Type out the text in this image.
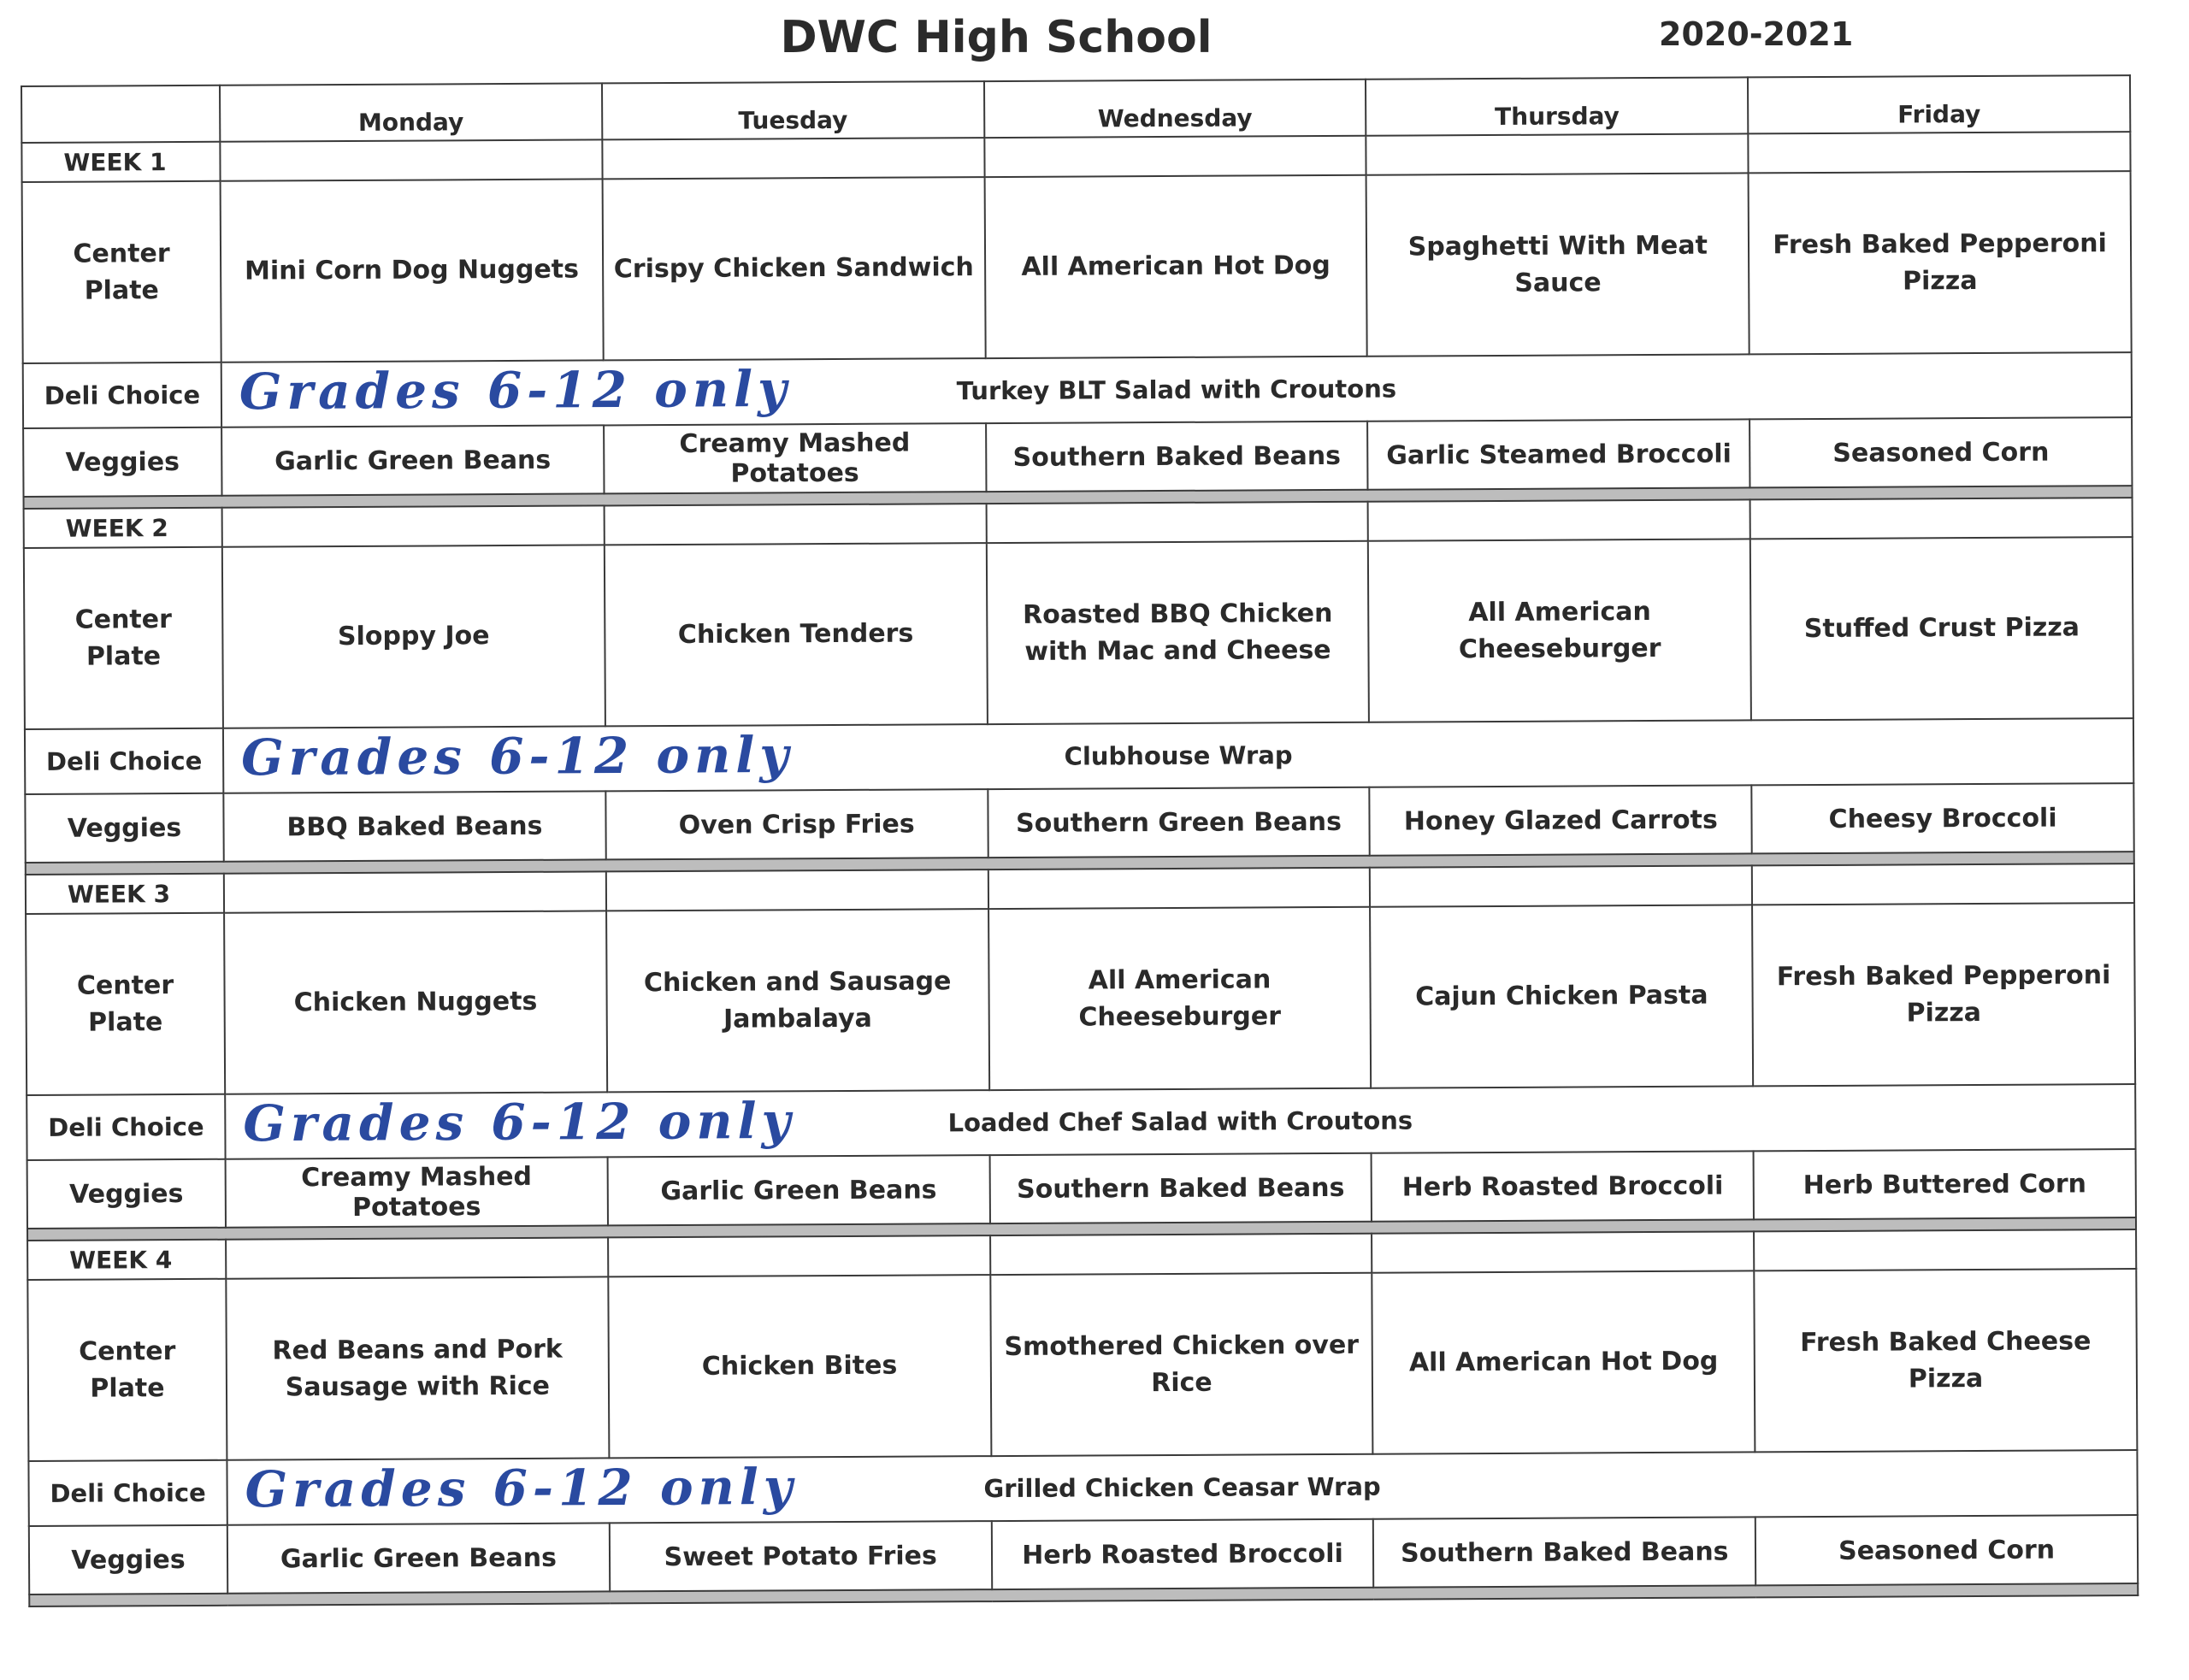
DWC High School	2020-2021
	Monday	Tuesday	Wednesday	Thursday	Friday
WEEK 1					
Center Plate	Mini Corn Dog Nuggets	Crispy Chicken Sandwich	All American Hot Dog	Spaghetti With Meat Sauce	Fresh Baked Pepperoni Pizza
Deli Choice	Grades 6-12 only Turkey BLT Salad with Croutons				
Veggies	Garlic Green Beans	Creamy Mashed Potatoes	Southern Baked Beans	Garlic Steamed Broccoli	Seasoned Corn

WEEK 2					
Center Plate	Sloppy Joe	Chicken Tenders	Roasted BBQ Chicken with Mac and Cheese	All American Cheeseburger	Stuffed Crust Pizza
Deli Choice	Grades 6-12 only Clubhouse Wrap				
Veggies	BBQ Baked Beans	Oven Crisp Fries	Southern Green Beans	Honey Glazed Carrots	Cheesy Broccoli

WEEK 3					
Center Plate	Chicken Nuggets	Chicken and Sausage Jambalaya	All American Cheeseburger	Cajun Chicken Pasta	Fresh Baked Pepperoni Pizza
Deli Choice	Grades 6-12 only Loaded Chef Salad with Croutons				
Veggies	Creamy Mashed Potatoes	Garlic Green Beans	Southern Baked Beans	Herb Roasted Broccoli	Herb Buttered Corn

WEEK 4					
Center Plate	Red Beans and Pork Sausage with Rice	Chicken Bites	Smothered Chicken over Rice	All American Hot Dog	Fresh Baked Cheese Pizza
Deli Choice	Grades 6-12 only Grilled Chicken Ceasar Wrap				
Veggies	Garlic Green Beans	Sweet Potato Fries	Herb Roasted Broccoli	Southern Baked Beans	Seasoned Corn
